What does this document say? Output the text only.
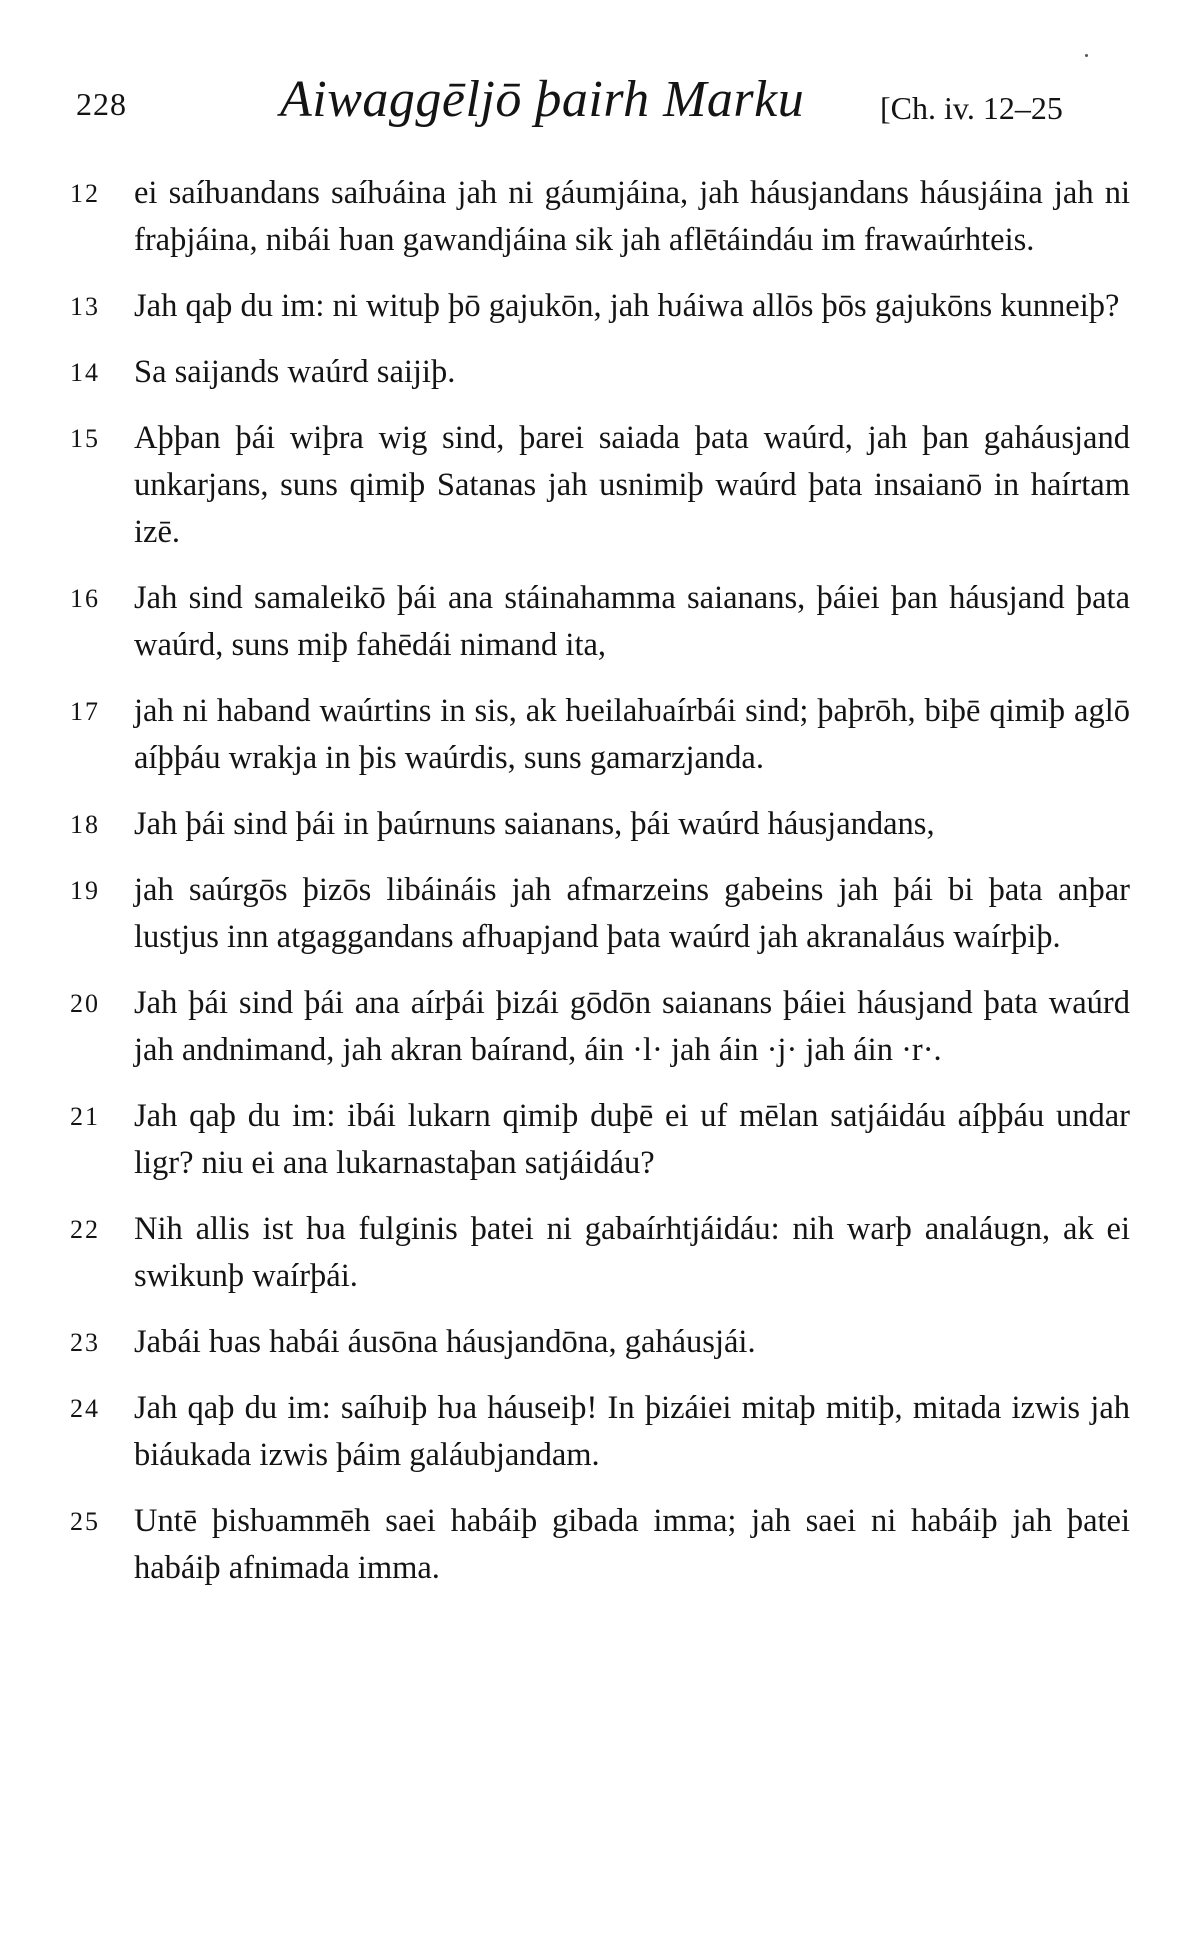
228	Aiwaggēljō þairh Marku [Ch. iv. 12–25
12	ei saíƕandans saíƕáina jah ni gáumjáina, jah háusjandans háusjáina jah ni fraþjáina, nibái ƕan gawandjáina sik jah aflētáindáu im frawaúrhteis.
13	Jah qaþ du im: ni wituþ þō gajukōn, jah ƕáiwa allōs þōs gajukōns kunneiþ?
14	Sa saijands waúrd saijiþ.
15	Aþþan þái wiþra wig sind, þarei saiada þata waúrd, jah þan gaháusjand unkarjans, suns qimiþ Satanas jah usnimiþ waúrd þata insaianō in haírtam izē.
16	Jah sind samaleikō þái ana stáinahamma saianans, þáiei þan háusjand þata waúrd, suns miþ fahēdái nimand ita,
17	jah ni haband waúrtins in sis, ak ƕeilaƕaírbái sind; þaþrōh, biþē qimiþ aglō aíþþáu wrakja in þis waúrdis, suns gamarzjanda.
18	Jah þái sind þái in þaúrnuns saianans, þái waúrd háusjandans,
19	jah saúrgōs þizōs libáináis jah afmarzeins gabeins jah þái bi þata anþar lustjus inn atgaggandans afƕapjand þata waúrd jah akranaláus waírþiþ.
20	Jah þái sind þái ana aírþái þizái gōdōn saianans þáiei háusjand þata waúrd jah andnimand, jah akran baírand, áin ·l· jah áin ·j· jah áin ·r·.
21	Jah qaþ du im: ibái lukarn qimiþ duþē ei uf mēlan satjáidáu aíþþáu undar ligr? niu ei ana lukarnastaþan satjáidáu?
22	Nih allis ist ƕa fulginis þatei ni gabaírhtjáidáu: nih warþ analáugn, ak ei swikunþ waírþái.
23	Jabái ƕas habái áusōna háusjandōna, gaháusjái.
24	Jah qaþ du im: saíƕiþ ƕa háuseiþ! In þizáiei mitaþ mitiþ, mitada izwis jah biáukada izwis þáim galáubjandam.
25	Untē þisƕammēh saei habáiþ gibada imma; jah saei ni habáiþ jah þatei habáiþ afnimada imma.
